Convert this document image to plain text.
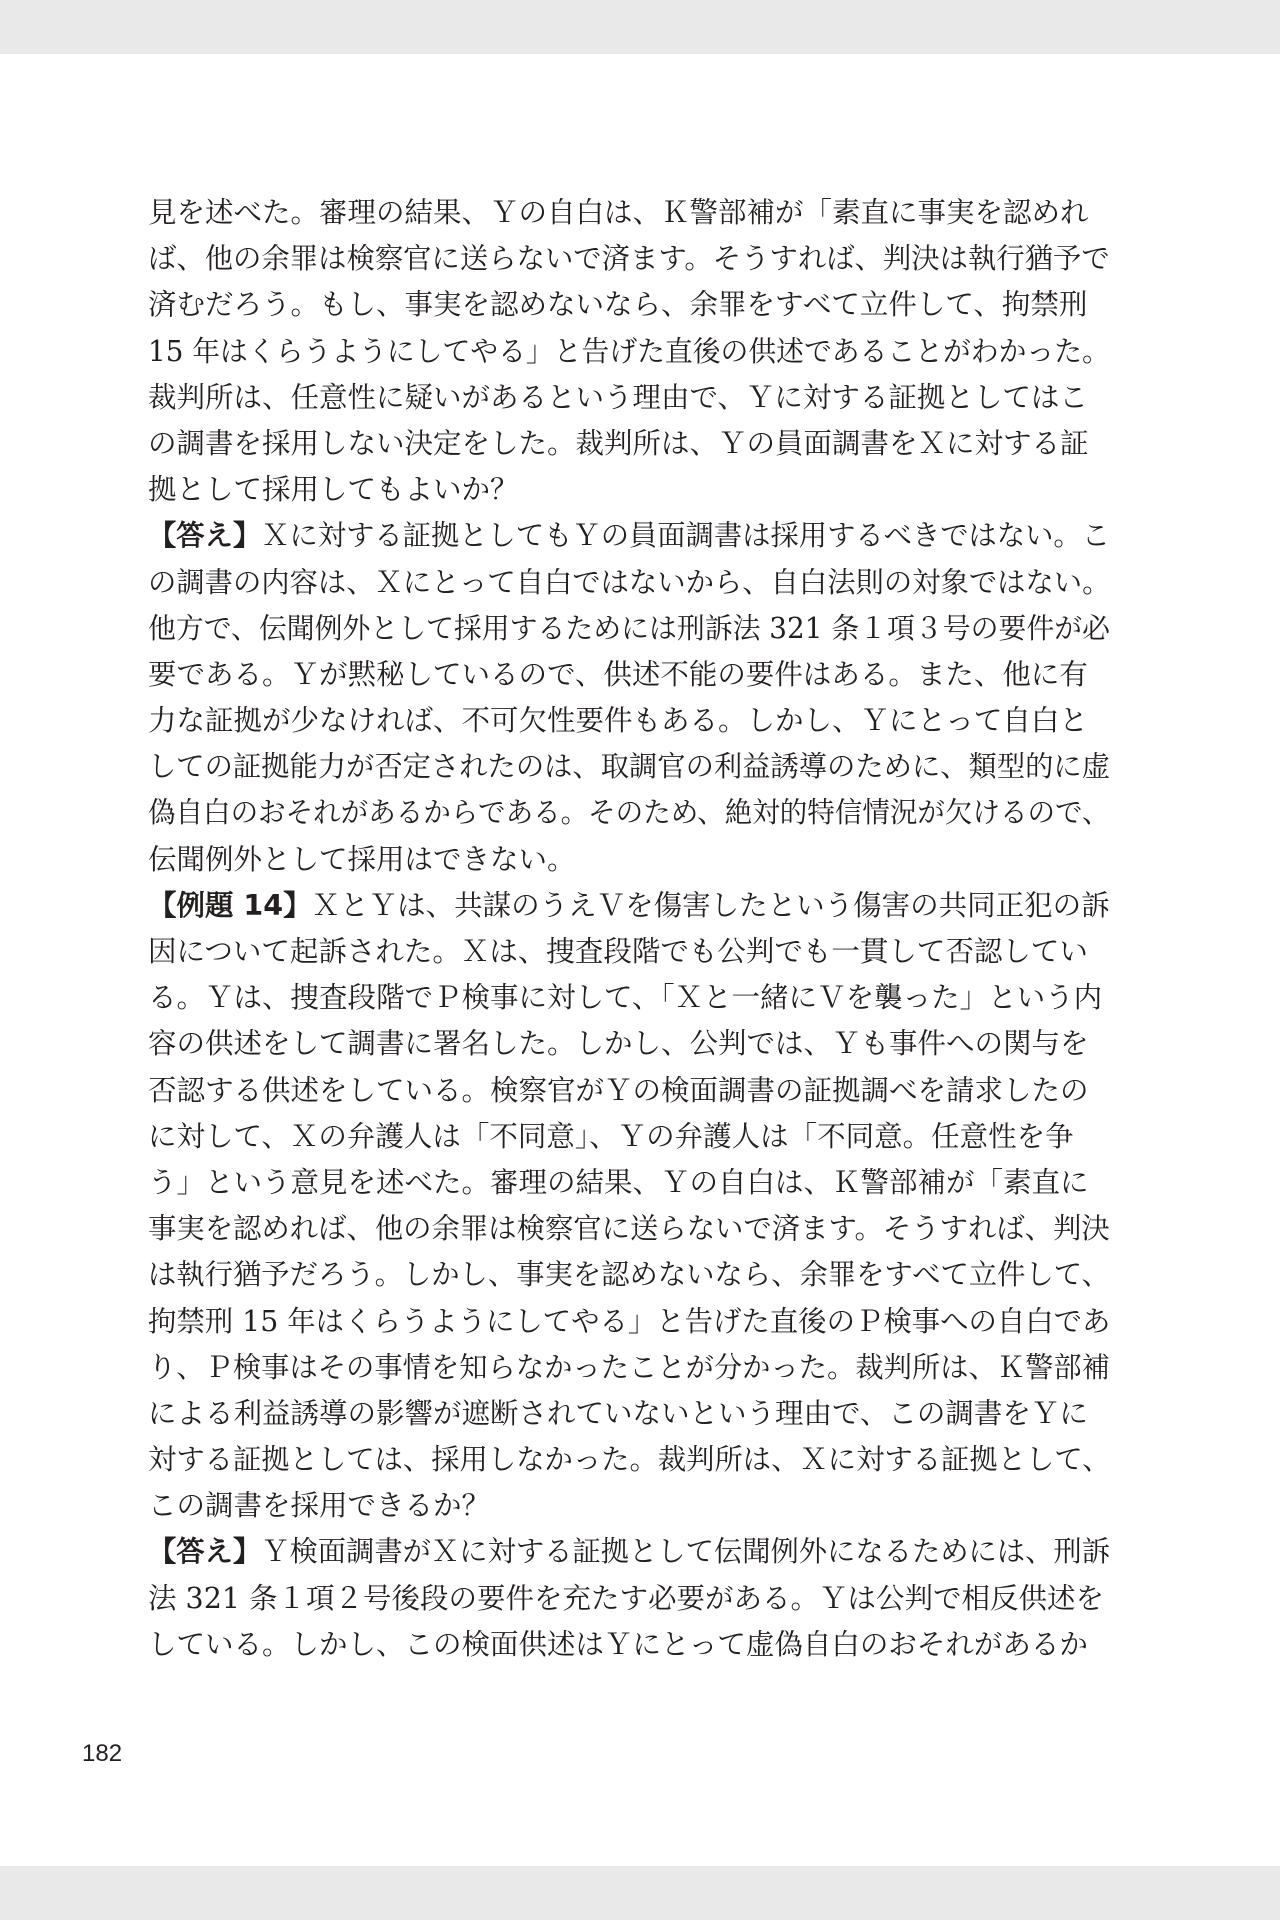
見を述べた。審理の結果、Ｙの自白は、Ｋ警部補が「素直に事実を認めれ
ば、他の余罪は検察官に送らないで済ます。そうすれば、判決は執行猶予で
済むだろう。もし、事実を認めないなら、余罪をすべて立件して、拘禁刑
15 年はくらうようにしてやる」と告げた直後の供述であることがわかった。
裁判所は、任意性に疑いがあるという理由で、Ｙに対する証拠としてはこ
の調書を採用しない決定をした。裁判所は、Ｙの員面調書をＸに対する証
拠として採用してもよいか？
【答え】Ｘに対する証拠としてもＹの員面調書は採用するべきではない。こ
の調書の内容は、Ｘにとって自白ではないから、自白法則の対象ではない。
他方で、伝聞例外として採用するためには刑訴法 321 条１項３号の要件が必
要である。Ｙが黙秘しているので、供述不能の要件はある。また、他に有
力な証拠が少なければ、不可欠性要件もある。しかし、Ｙにとって自白と
しての証拠能力が否定されたのは、取調官の利益誘導のために、類型的に虚
偽自白のおそれがあるからである。そのため、絶対的特信情況が欠けるので、
伝聞例外として採用はできない。
【例題 14】ＸとＹは、共謀のうえＶを傷害したという傷害の共同正犯の訴
因について起訴された。Ｘは、捜査段階でも公判でも一貫して否認してい
る。Ｙは、捜査段階でＰ検事に対して、「Ｘと一緒にＶを襲った」という内
容の供述をして調書に署名した。しかし、公判では、Ｙも事件への関与を
否認する供述をしている。検察官がＹの検面調書の証拠調べを請求したの
に対して、Ｘの弁護人は「不同意」、Ｙの弁護人は「不同意。任意性を争
う」という意見を述べた。審理の結果、Ｙの自白は、Ｋ警部補が「素直に
事実を認めれば、他の余罪は検察官に送らないで済ます。そうすれば、判決
は執行猶予だろう。しかし、事実を認めないなら、余罪をすべて立件して、
拘禁刑 15 年はくらうようにしてやる」と告げた直後のＰ検事への自白であ
り、Ｐ検事はその事情を知らなかったことが分かった。裁判所は、Ｋ警部補
による利益誘導の影響が遮断されていないという理由で、この調書をＹに
対する証拠としては、採用しなかった。裁判所は、Ｘに対する証拠として、
この調書を採用できるか？
【答え】Ｙ検面調書がＸに対する証拠として伝聞例外になるためには、刑訴
法 321 条１項２号後段の要件を充たす必要がある。Ｙは公判で相反供述を
している。しかし、この検面供述はＹにとって虚偽自白のおそれがあるか
182
